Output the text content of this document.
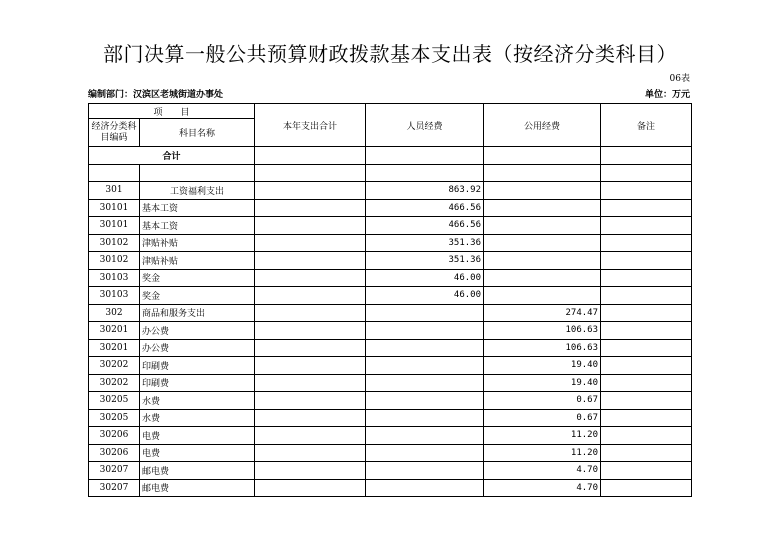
部门决算一般公共预算财政拨款基本支出表（按经济分类科目）
06表
编制部门：汉滨区老城街道办事处	单位：万元
项　　目		本年支出合计	人员经费	公用经费	备注
经济分类科目编码	科目名称				
合计					

301	工资福利支出		863.92		
30101	基本工资		466.56		
30101	基本工资		466.56		
30102	津贴补贴		351.36		
30102	津贴补贴		351.36		
30103	奖金		46.00		
30103	奖金		46.00		
302	商品和服务支出			274.47	
30201	办公费			106.63	
30201	办公费			106.63	
30202	印刷费			19.40	
30202	印刷费			19.40	
30205	水费			0.67	
30205	水费			0.67	
30206	电费			11.20	
30206	电费			11.20	
30207	邮电费			4.70	
30207	邮电费			4.70	
